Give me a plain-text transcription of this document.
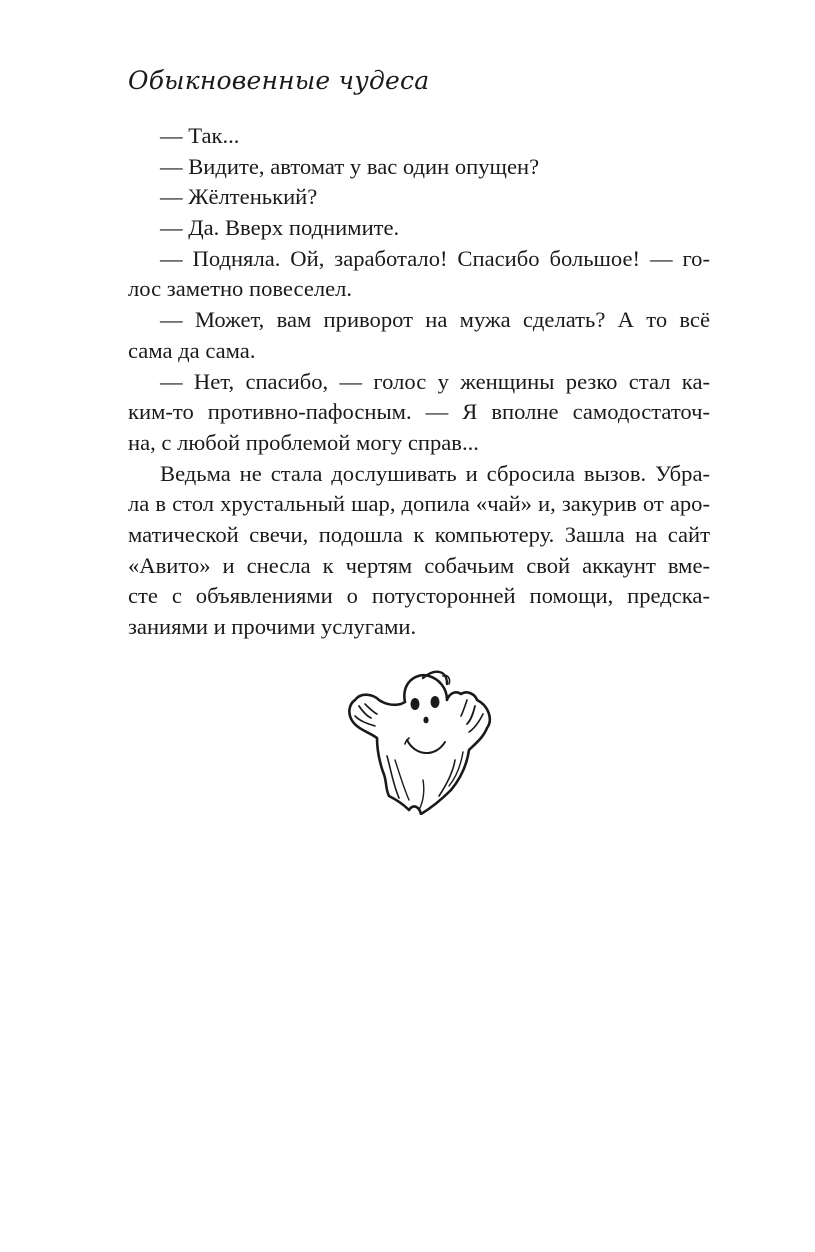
Обыкновенные чудеса
— Так...
— Видите, автомат у вас один опущен?
— Жёлтенький?
— Да. Вверх поднимите.
— Подняла. Ой, заработало! Спасибо большое! — го-
лос заметно повеселел.
— Может, вам приворот на мужа сделать? А то всё
сама да сама.
— Нет, спасибо, — голос у женщины резко стал ка-
ким-то противно-пафосным. — Я вполне самодостаточ-
на, с любой проблемой могу справ...
Ведьма не стала дослушивать и сбросила вызов. Убра-
ла в стол хрустальный шар, допила «чай» и, закурив от аро-
матической свечи, подошла к компьютеру. Зашла на сайт
«Авито» и снесла к чертям собачьим свой аккаунт вме-
сте с объявлениями о потусторонней помощи, предска-
заниями и прочими услугами.
